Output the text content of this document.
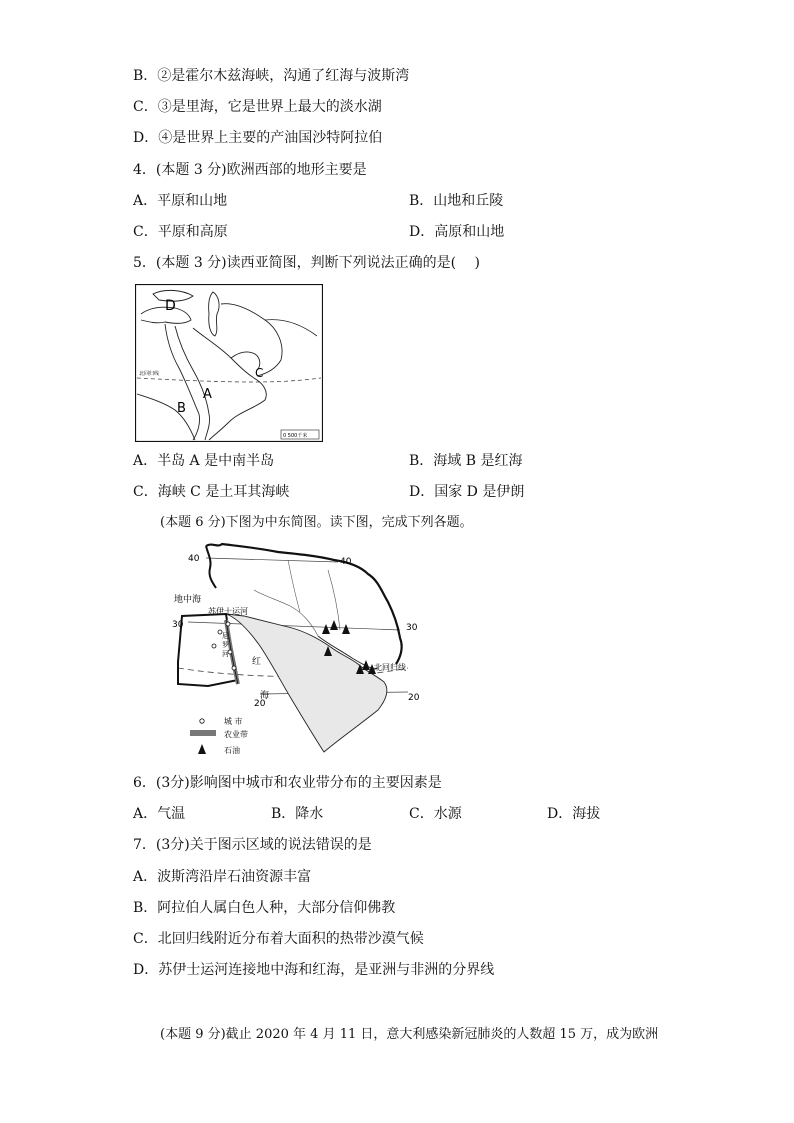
B．②是霍尔木兹海峡，沟通了红海与波斯湾
C．③是里海，它是世界上最大的淡水湖
D．④是世界上主要的产油国沙特阿拉伯
4．(本题 3 分)欧洲西部的地形主要是
A．平原和山地	B．山地和丘陵
C．平原和高原	D．高原和山地
5．(本题 3 分)读西亚简图，判断下列说法正确的是(　 )
北回归线
D
A
B
C
0 500千米
A．半岛 A 是中南半岛	B．海域 B 是红海
C．海峡 C 是土耳其海峡	D．国家 D 是伊朗
(本题 6 分)下图为中东简图。读下图，完成下列各题。
40	40
30	30
20
20
地中海
苏伊士运河
尼
罗
河
红
海
北回归线
城 市
农业带
石油
6．(3分)影响图中城市和农业带分布的主要因素是
A．气温	B．降水	C．水源	D．海拔
7．(3分)关于图示区域的说法错误的是
A．波斯湾沿岸石油资源丰富
B．阿拉伯人属白色人种，大部分信仰佛教
C．北回归线附近分布着大面积的热带沙漠气候
D．苏伊士运河连接地中海和红海，是亚洲与非洲的分界线
(本题 9 分)截止 2020 年 4 月 11 日，意大利感染新冠肺炎的人数超 15 万，成为欧洲
